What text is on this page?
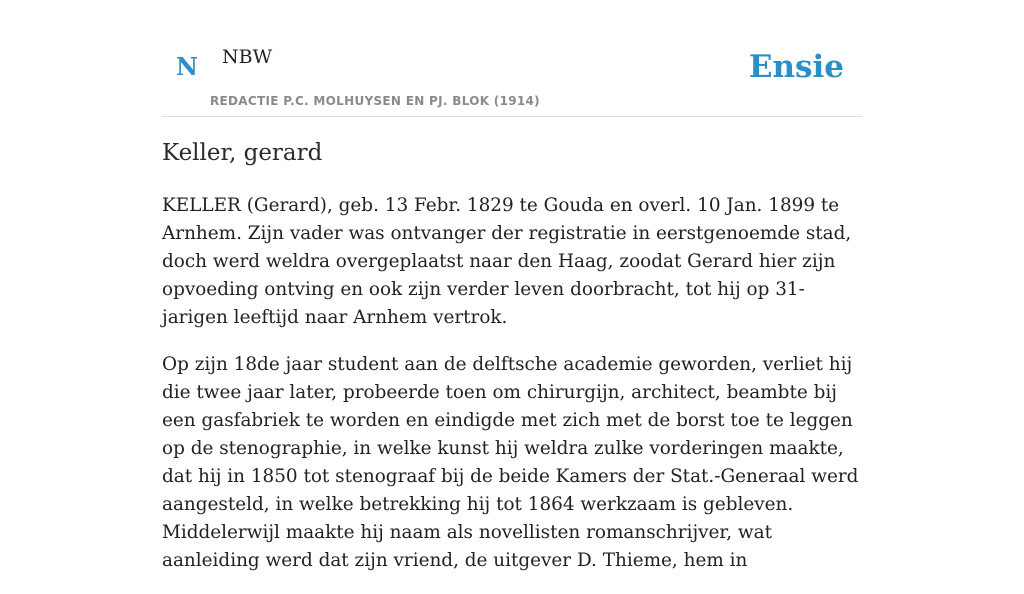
N NBW
REDACTIE P.C. MOLHUYSEN EN PJ. BLOK (1914)
Ensie
Keller, gerard

KELLER (Gerard), geb. 13 Febr. 1829 te Gouda en overl. 10 Jan. 1899 te Arnhem. Zijn vader was ontvanger der registratie in eerstgenoemde stad, doch werd weldra overgeplaatst naar den Haag, zoodat Gerard hier zijn opvoeding ontving en ook zijn verder leven doorbracht, tot hij op 31-jarigen leeftijd naar Arnhem vertrok.

Op zijn 18de jaar student aan de delftsche academie geworden, verliet hij die twee jaar later, probeerde toen om chirurgijn, architect, beambte bij een gasfabriek te worden en eindigde met zich met de borst toe te leggen op de stenographie, in welke kunst hij weldra zulke vorderingen maakte, dat hij in 1850 tot stenograaf bij de beide Kamers der Stat.-Generaal werd aangesteld, in welke betrekking hij tot 1864 werkzaam is gebleven. Middelerwijl maakte hij naam als novellisten romanschrijver, wat aanleiding werd dat zijn vriend, de uitgever D. Thieme, hem in
